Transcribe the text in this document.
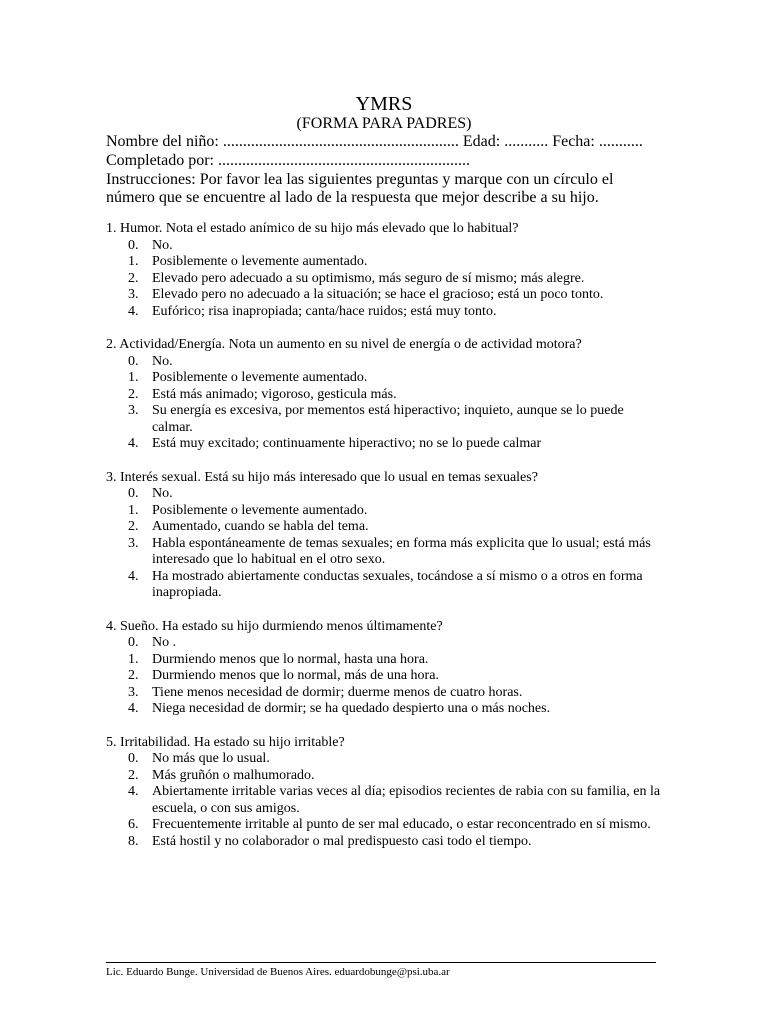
YMRS
(FORMA PARA PADRES)
Nombre del niño: ........................................................... Edad: ........... Fecha: ...........
Completado por: ...............................................................
Instrucciones: Por favor lea las siguientes preguntas y marque con un círculo el número que se encuentre al lado de la respuesta que mejor describe a su hijo.
1. Humor. Nota el estado anímico de su hijo más elevado que lo habitual?
0. No.
1. Posiblemente o levemente aumentado.
2. Elevado pero adecuado a su optimismo, más seguro de sí mismo; más alegre.
3. Elevado pero no adecuado a la situación; se hace el gracioso; está un poco tonto.
4. Eufórico; risa inapropiada; canta/hace ruidos; está muy tonto.
2. Actividad/Energía. Nota un aumento en su nivel de energía o de actividad motora?
0. No.
1. Posiblemente o levemente aumentado.
2. Está más animado; vigoroso, gesticula más.
3. Su energía es excesiva, por mementos está hiperactivo; inquieto, aunque se lo puede calmar.
4. Está muy excitado; continuamente hiperactivo; no se lo puede calmar
3. Interés sexual. Está su hijo más interesado que lo usual en temas sexuales?
0. No.
1. Posiblemente o levemente aumentado.
2. Aumentado, cuando se habla del tema.
3. Habla espontáneamente de temas sexuales; en forma más explicita que lo usual; está más interesado que lo habitual en el otro sexo.
4. Ha mostrado abiertamente conductas sexuales, tocándose a sí mismo o a otros en forma inapropiada.
4. Sueño. Ha estado su hijo durmiendo menos últimamente?
0. No .
1. Durmiendo menos que lo normal, hasta una hora.
2. Durmiendo menos que lo normal, más de una hora.
3. Tiene menos necesidad de dormir; duerme menos de cuatro horas.
4. Niega necesidad de dormir; se ha quedado despierto una o más noches.
5. Irritabilidad. Ha estado su hijo irritable?
0. No más que lo usual.
2. Más gruñón o malhumorado.
4. Abiertamente irritable varias veces al día; episodios recientes de rabia con su familia, en la escuela, o con sus amigos.
6. Frecuentemente irritable al punto de ser mal educado, o estar reconcentrado en sí mismo.
8. Está hostil y no colaborador o mal predispuesto casi todo el tiempo.
Lic. Eduardo Bunge. Universidad de Buenos Aires. eduardobunge@psi.uba.ar
